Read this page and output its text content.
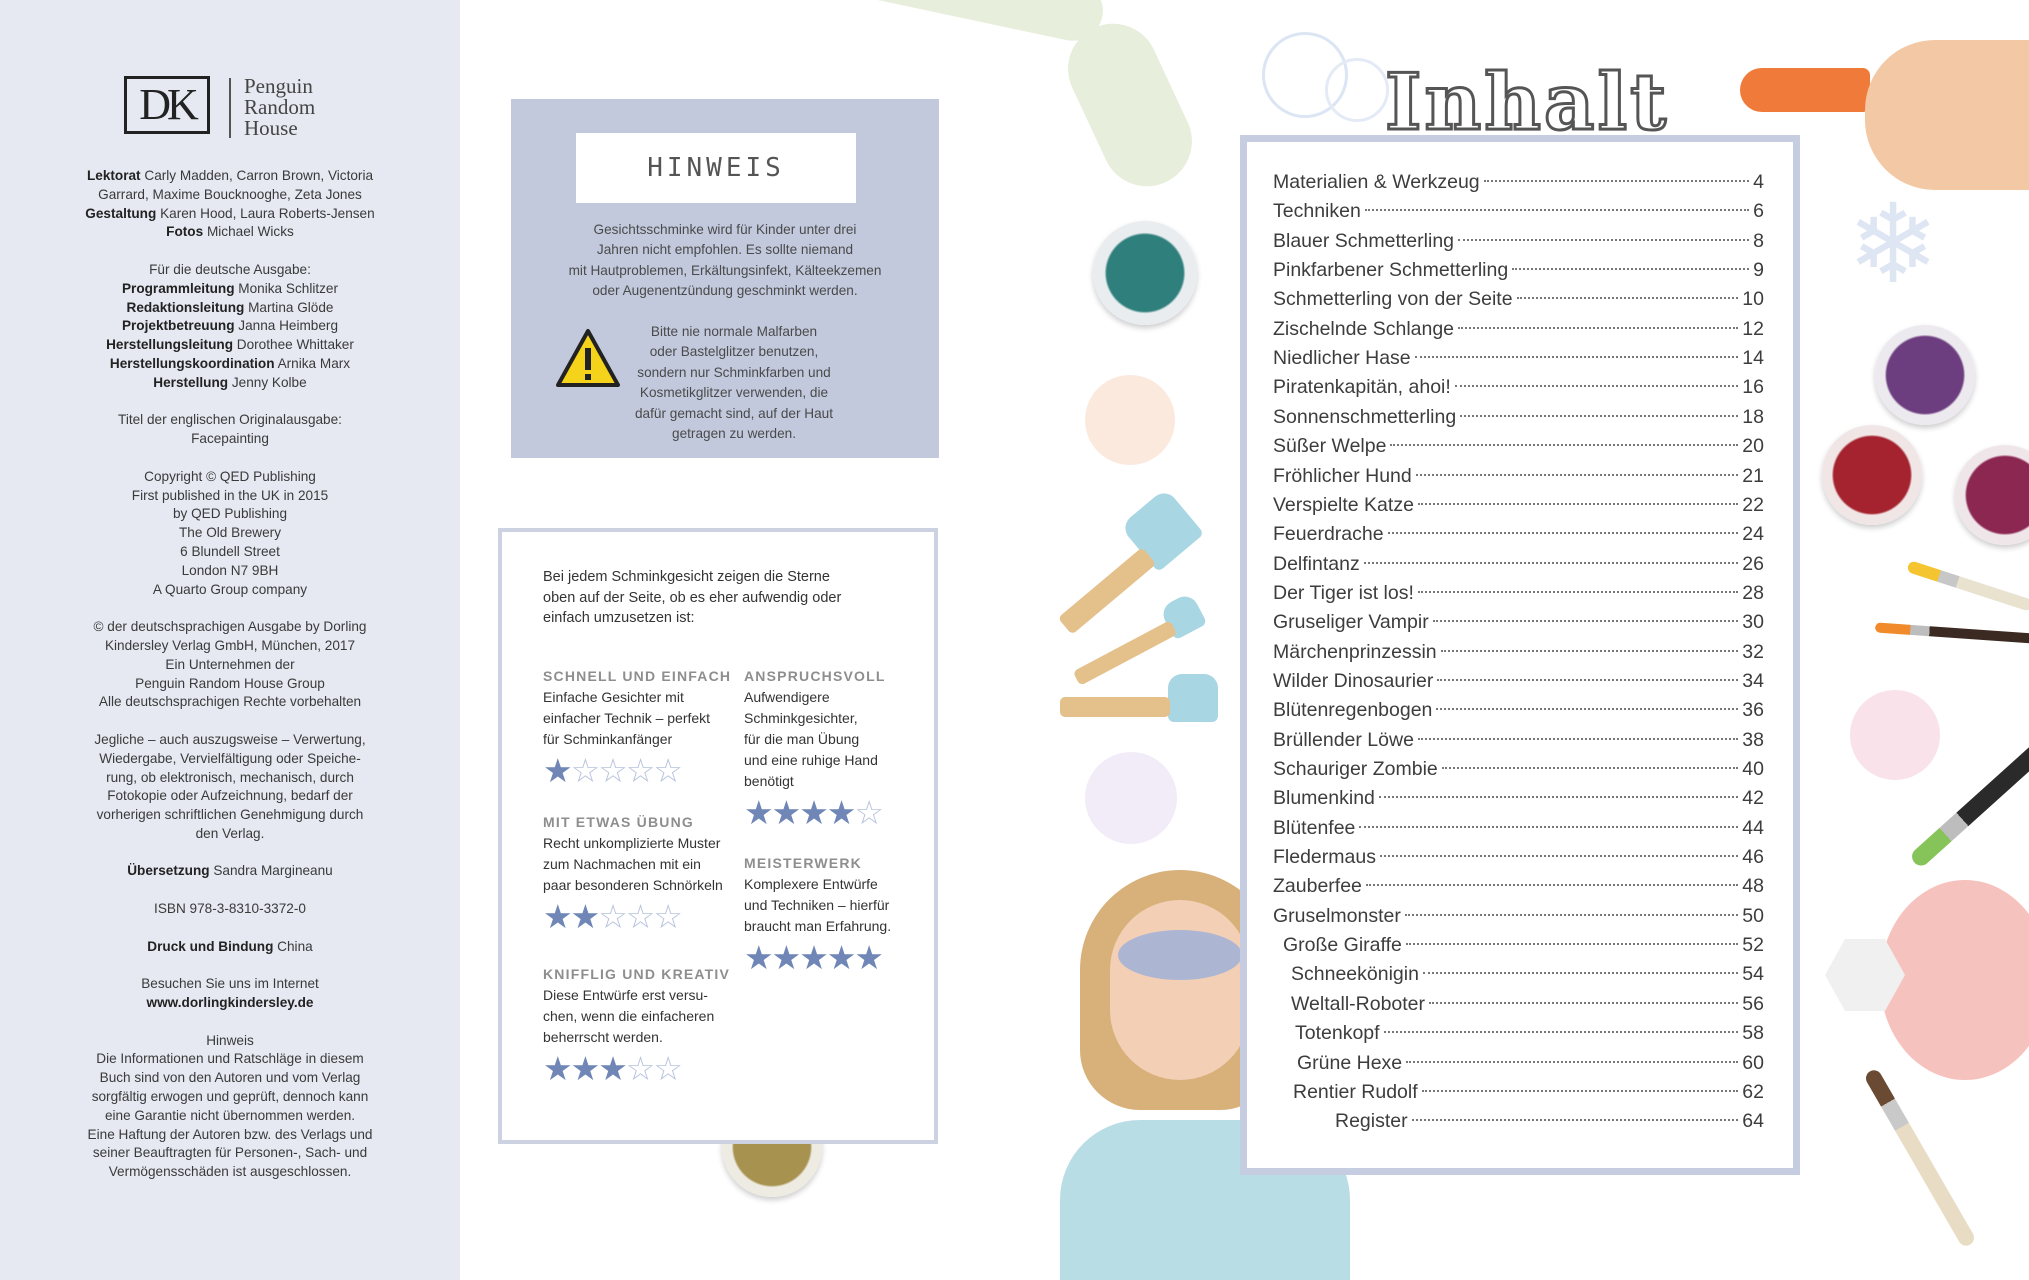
DK	Penguin
Random
House

Lektorat Carly Madden, Carron Brown, Victoria
Garrard, Maxime Boucknooghe, Zeta Jones
Gestaltung Karen Hood, Laura Roberts-Jensen
Fotos Michael Wicks

Für die deutsche Ausgabe:
Programmleitung Monika Schlitzer
Redaktionsleitung Martina Glöde
Projektbetreuung Janna Heimberg
Herstellungsleitung Dorothee Whittaker
Herstellungskoordination Arnika Marx
Herstellung Jenny Kolbe

Titel der englischen Originalausgabe:
Facepainting

Copyright © QED Publishing
First published in the UK in 2015
by QED Publishing
The Old Brewery
6 Blundell Street
London N7 9BH
A Quarto Group company

© der deutschsprachigen Ausgabe by Dorling
Kindersley Verlag GmbH, München, 2017
Ein Unternehmen der
Penguin Random House Group
Alle deutschsprachigen Rechte vorbehalten

Jegliche – auch auszugsweise – Verwertung,
Wiedergabe, Vervielfältigung oder Speiche-
rung, ob elektronisch, mechanisch, durch
Fotokopie oder Aufzeichnung, bedarf der
vorherigen schriftlichen Genehmigung durch
den Verlag.

Übersetzung Sandra Margineanu

ISBN 978-3-8310-3372-0

Druck und Bindung China

Besuchen Sie uns im Internet
www.dorlingkindersley.de

Hinweis
Die Informationen und Ratschläge in diesem
Buch sind von den Autoren und vom Verlag
sorgfältig erwogen und geprüft, dennoch kann
eine Garantie nicht übernommen werden.
Eine Haftung der Autoren bzw. des Verlags und
seiner Beauftragten für Personen-, Sach- und
Vermögensschäden ist ausgeschlossen.

❄
HINWEIS
Gesichtsschminke wird für Kinder unter drei
Jahren nicht empfohlen. Es sollte niemand
mit Hautproblemen, Erkältungsinfekt, Kälteekzemen
oder Augenentzündung geschminkt werden.
Bitte nie normale Malfarben
oder Bastelglitzer benutzen,
sondern nur Schminkfarben und
Kosmetikglitzer verwenden, die
dafür gemacht sind, auf der Haut
getragen zu werden.
Bei jedem Schminkgesicht zeigen die Sterne
oben auf der Seite, ob es eher aufwendig oder
einfach umzusetzen ist:
SCHNELL UND EINFACH
Einfache Gesichter mit
einfacher Technik – perfekt
für Schminkanfänger
★☆☆☆☆
MIT ETWAS ÜBUNG
Recht unkomplizierte Muster
zum Nachmachen mit ein
paar besonderen Schnörkeln
★★☆☆☆
KNIFFLIG UND KREATIV
Diese Entwürfe erst versu-
chen, wenn die einfacheren
beherrscht werden.
★★★☆☆
ANSPRUCHSVOLL
Aufwendigere
Schminkgesichter,
für die man Übung
und eine ruhige Hand
benötigt
★★★★☆
MEISTERWERK
Komplexere Entwürfe
und Techniken – hierfür
braucht man Erfahrung.
★★★★★
Inhalt
Materialien & Werkzeug	4
Techniken	6
Blauer Schmetterling	8
Pinkfarbener Schmetterling	9
Schmetterling von der Seite	10
Zischelnde Schlange	12
Niedlicher Hase	14
Piratenkapitän, ahoi!	16
Sonnenschmetterling	18
Süßer Welpe	20
Fröhlicher Hund	21
Verspielte Katze	22
Feuerdrache	24
Delfintanz	26
Der Tiger ist los!	28
Gruseliger Vampir	30
Märchenprinzessin	32
Wilder Dinosaurier	34
Blütenregenbogen	36
Brüllender Löwe	38
Schauriger Zombie	40
Blumenkind	42
Blütenfee	44
Fledermaus	46
Zauberfee	48
Gruselmonster	50
Große Giraffe	52
Schneekönigin	54
Weltall-Roboter	56
Totenkopf	58
Grüne Hexe	60
Rentier Rudolf	62
Register	64
